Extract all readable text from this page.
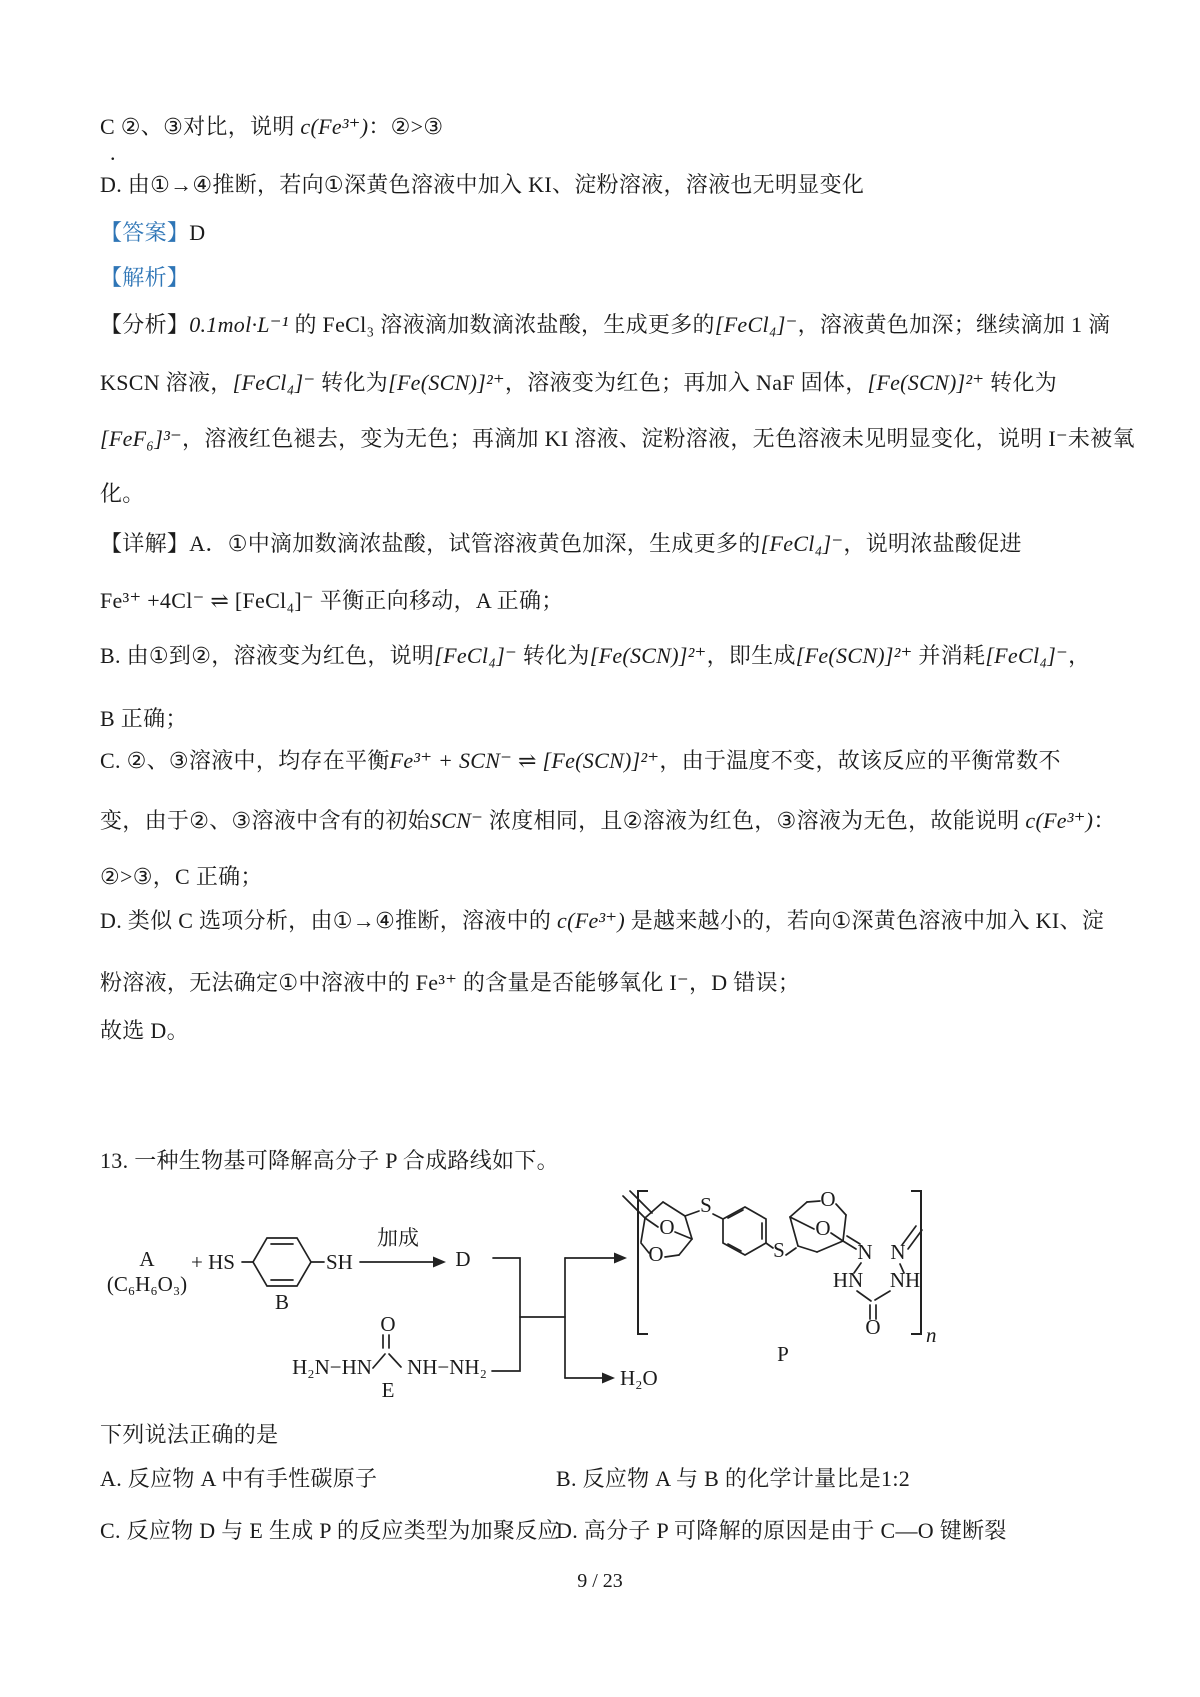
C ②、③对比，说明 c(Fe³⁺)：②>③
.
D. 由①→④推断，若向①深黄色溶液中加入 KI、淀粉溶液，溶液也无明显变化
【答案】D
【解析】
【分析】0.1mol·L⁻¹ 的 FeCl₃ 溶液滴加数滴浓盐酸，生成更多的[FeCl₄]⁻，溶液黄色加深；继续滴加 1 滴
KSCN 溶液，[FeCl₄]⁻ 转化为[Fe(SCN)]²⁺，溶液变为红色；再加入 NaF 固体，[Fe(SCN)]²⁺ 转化为
[FeF₆]³⁻，溶液红色褪去，变为无色；再滴加 KI 溶液、淀粉溶液，无色溶液未见明显变化，说明 I⁻未被氧
化。
【详解】A．①中滴加数滴浓盐酸，试管溶液黄色加深，生成更多的[FeCl₄]⁻，说明浓盐酸促进
Fe³⁺ +4Cl⁻ ⇌ [FeCl₄]⁻ 平衡正向移动，A 正确；
B. 由①到②，溶液变为红色，说明[FeCl₄]⁻ 转化为[Fe(SCN)]²⁺，即生成[Fe(SCN)]²⁺ 并消耗[FeCl₄]⁻，
B 正确；
C. ②、③溶液中，均存在平衡Fe³⁺ + SCN⁻ ⇌ [Fe(SCN)]²⁺，由于温度不变，故该反应的平衡常数不
变，由于②、③溶液中含有的初始SCN⁻ 浓度相同，且②溶液为红色，③溶液为无色，故能说明 c(Fe³⁺)：
②>③，C 正确；
D. 类似 C 选项分析，由①→④推断，溶液中的 c(Fe³⁺) 是越来越小的，若向①深黄色溶液中加入 KI、淀
粉溶液，无法确定①中溶液中的 Fe³⁺ 的含量是否能够氧化 I⁻，D 错误；
故选 D。
13. 一种生物基可降解高分子 P 合成路线如下。
下列说法正确的是
A. 反应物 A 中有手性碳原子	B. 反应物 A 与 B 的化学计量比是1:2
C. 反应物 D 与 E 生成 P 的反应类型为加聚反应
D. 高分子 P 可降解的原因是由于 C—O 键断裂
A
(C₆H₆O₃)
+ HS	SH
B
加成
D
H₂N−HN NH−NH₂
O
E	H₂O
S
O
O	S
O
O
N N
HN NH
O n
P
9 / 23
